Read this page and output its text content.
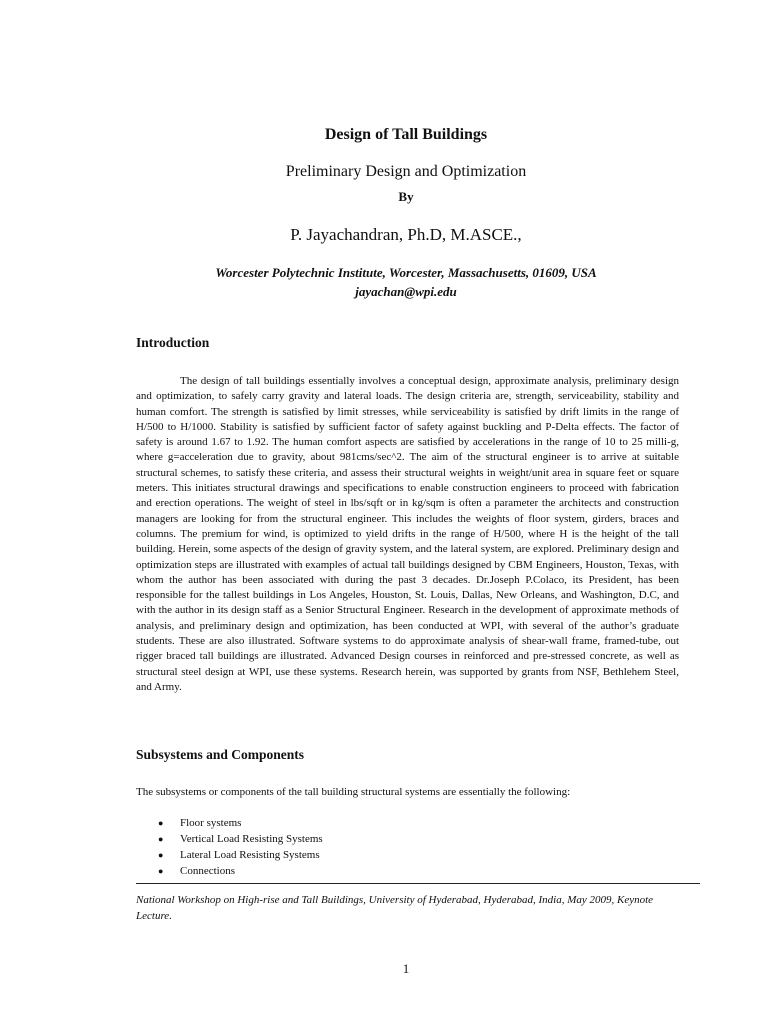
Design of Tall Buildings
Preliminary Design and Optimization
By
P. Jayachandran, Ph.D, M.ASCE.,
Worcester Polytechnic Institute, Worcester, Massachusetts, 01609, USA
jayachan@wpi.edu
Introduction

The design of tall buildings essentially involves a conceptual design, approximate analysis, preliminary design and optimization, to safely carry gravity and lateral loads. The design criteria are, strength, serviceability, stability and human comfort. The strength is satisfied by limit stresses, while serviceability is satisfied by drift limits in the range of H/500 to H/1000. Stability is satisfied by sufficient factor of safety against buckling and P-Delta effects. The factor of safety is around 1.67 to 1.92. The human comfort aspects are satisfied by accelerations in the range of 10 to 25 milli-g, where g=acceleration due to gravity, about 981cms/sec^2. The aim of the structural engineer is to arrive at suitable structural schemes, to satisfy these criteria, and assess their structural weights in weight/unit area in square feet or square meters. This initiates structural drawings and specifications to enable construction engineers to proceed with fabrication and erection operations. The weight of steel in lbs/sqft or in kg/sqm is often a parameter the architects and construction managers are looking for from the structural engineer. This includes the weights of floor system, girders, braces and columns. The premium for wind, is optimized to yield drifts in the range of H/500, where H is the height of the tall building. Herein, some aspects of the design of gravity system, and the lateral system, are explored. Preliminary design and optimization steps are illustrated with examples of actual tall buildings designed by CBM Engineers, Houston, Texas, with whom the author has been associated with during the past 3 decades. Dr.Joseph P.Colaco, its President, has been responsible for the tallest buildings in Los Angeles, Houston, St. Louis, Dallas, New Orleans, and Washington, D.C, and with the author in its design staff as a Senior Structural Engineer. Research in the development of approximate methods of analysis, and preliminary design and optimization, has been conducted at WPI, with several of the author’s graduate students. These are also illustrated. Software systems to do approximate analysis of shear-wall frame, framed-tube, out rigger braced tall buildings are illustrated. Advanced Design courses in reinforced and pre-stressed concrete, as well as structural steel design at WPI, use these systems. Research herein, was supported by grants from NSF, Bethlehem Steel, and Army.

Subsystems and Components

The subsystems or components of the tall building structural systems are essentially the following:

● Floor systems
● Vertical Load Resisting Systems
● Lateral Load Resisting Systems
● Connections

National Workshop on High-rise and Tall Buildings, University of Hyderabad, Hyderabad, India, May 2009, Keynote Lecture.

1
